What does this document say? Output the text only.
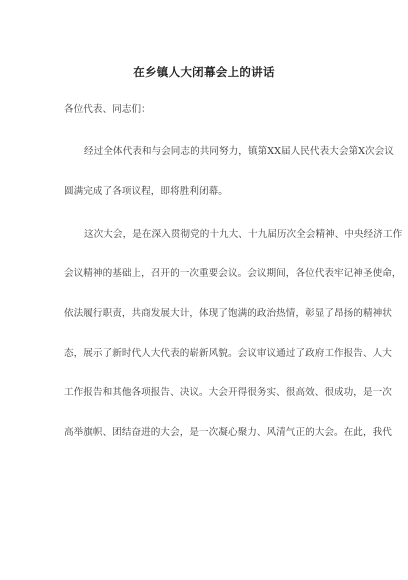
在乡镇人大闭幕会上的讲话
各位代表、同志们：
经过全体代表和与会同志的共同努力，镇第XX届人民代表大会第X次会议
圆满完成了各项议程，即将胜利闭幕。
这次大会，是在深入贯彻党的十九大、十九届历次全会精神、中央经济工作
会议精神的基础上，召开的一次重要会议。会议期间，各位代表牢记神圣使命，
依法履行职责，共商发展大计，体现了饱满的政治热情，彰显了昂扬的精神状
态，展示了新时代人大代表的崭新风貌。会议审议通过了政府工作报告、人大
工作报告和其他各项报告、决议。大会开得很务实、很高效、很成功，是一次
高举旗帜、团结奋进的大会，是一次凝心聚力、风清气正的大会。在此，我代
